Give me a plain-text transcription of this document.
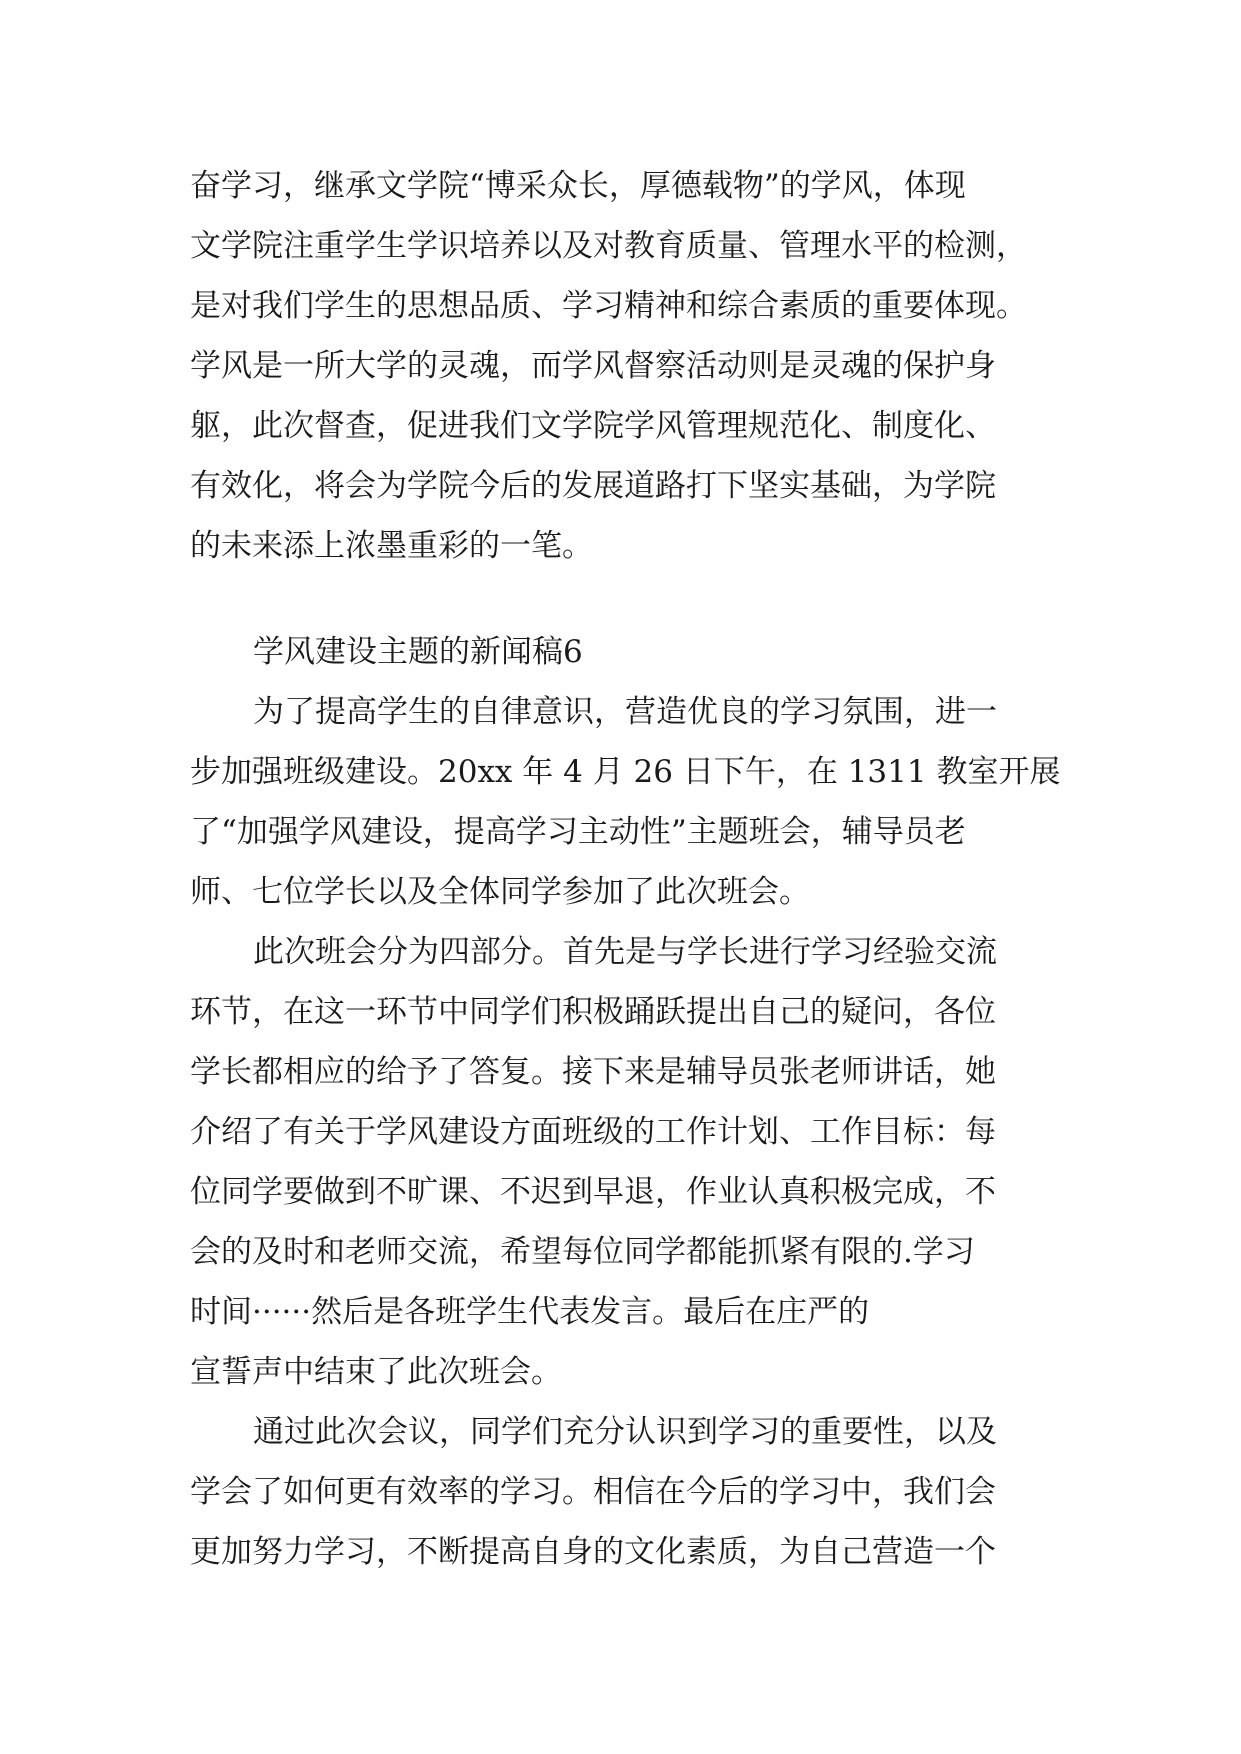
奋学习，继承文学院“博采众长，厚德载物”的学风，体现
文学院注重学生学识培养以及对教育质量、管理水平的检测，
是对我们学生的思想品质、学习精神和综合素质的重要体现。
学风是一所大学的灵魂，而学风督察活动则是灵魂的保护身
躯，此次督查，促进我们文学院学风管理规范化、制度化、
有效化，将会为学院今后的发展道路打下坚实基础，为学院
的未来添上浓墨重彩的一笔。
学风建设主题的新闻稿6
为了提高学生的自律意识，营造优良的学习氛围，进一
步加强班级建设。20xx 年 4 月 26 日下午，在 1311 教室开展
了“加强学风建设，提高学习主动性”主题班会，辅导员老
师、七位学长以及全体同学参加了此次班会。
此次班会分为四部分。首先是与学长进行学习经验交流
环节，在这一环节中同学们积极踊跃提出自己的疑问，各位
学长都相应的给予了答复。接下来是辅导员张老师讲话，她
介绍了有关于学风建设方面班级的工作计划、工作目标：每
位同学要做到不旷课、不迟到早退，作业认真积极完成，不
会的及时和老师交流，希望每位同学都能抓紧有限的.学习
时间······然后是各班学生代表发言。最后在庄严的
宣誓声中结束了此次班会。
通过此次会议，同学们充分认识到学习的重要性，以及
学会了如何更有效率的学习。相信在今后的学习中，我们会
更加努力学习，不断提高自身的文化素质，为自己营造一个
